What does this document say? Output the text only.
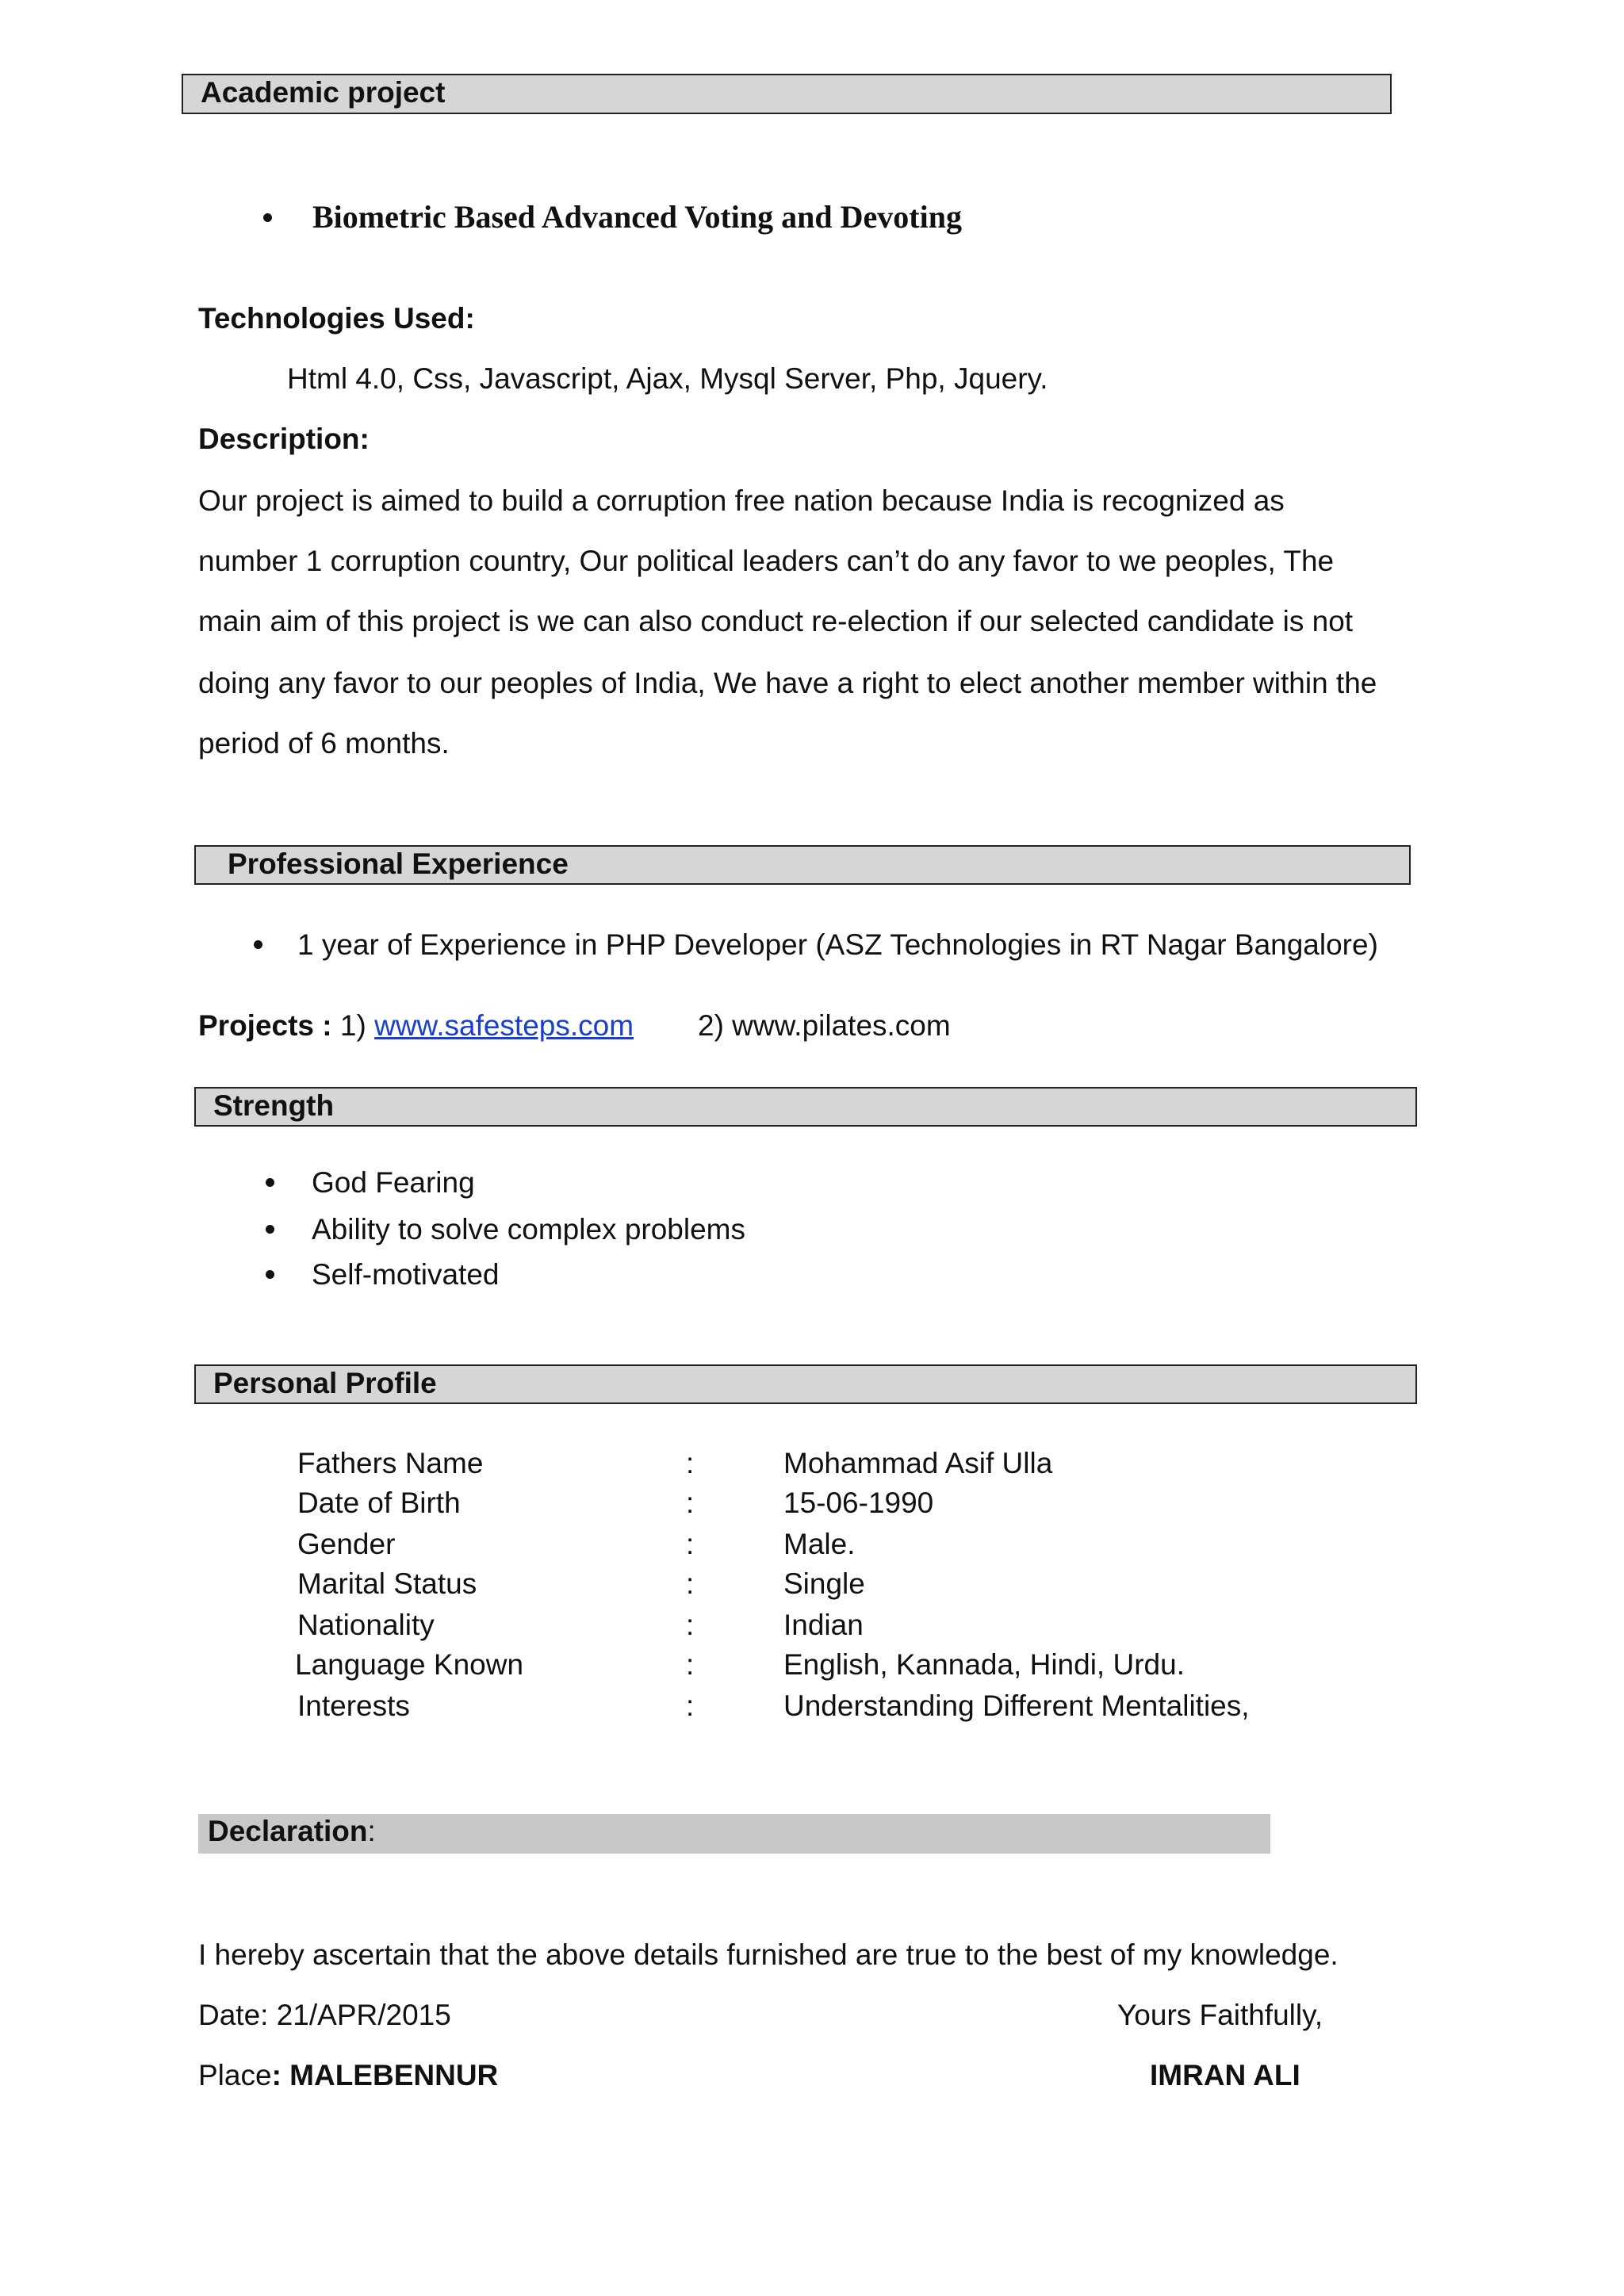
Academic project
Biometric Based Advanced Voting and Devoting
Technologies Used:
Html 4.0, Css, Javascript, Ajax, Mysql Server, Php, Jquery.
Description:
Our project is aimed to build a corruption free nation because India is recognized as
number 1 corruption country, Our political leaders can’t do any favor to we peoples, The
main aim of this project is we can also conduct re-election if our selected candidate is not
doing any favor to our peoples of India, We have a right to elect another member within the
period of 6 months.
Professional Experience
1 year of Experience in PHP Developer (ASZ Technologies in RT Nagar Bangalore)
Projects : 1) www.safesteps.com 2) www.pilates.com
Strength
God Fearing
Ability to solve complex problems
Self-motivated
Personal Profile
Fathers Name	:	Mohammad Asif Ulla
Date of Birth	:	15-06-1990
Gender	:	Male.
Marital Status	:	Single
Nationality	:	Indian
Language Known	:	English, Kannada, Hindi, Urdu.
Interests	:	Understanding Different Mentalities,
Declaration:
I hereby ascertain that the above details furnished are true to the best of my knowledge.
Date: 21/APR/2015	Yours Faithfully,
Place: MALEBENNUR	IMRAN ALI
